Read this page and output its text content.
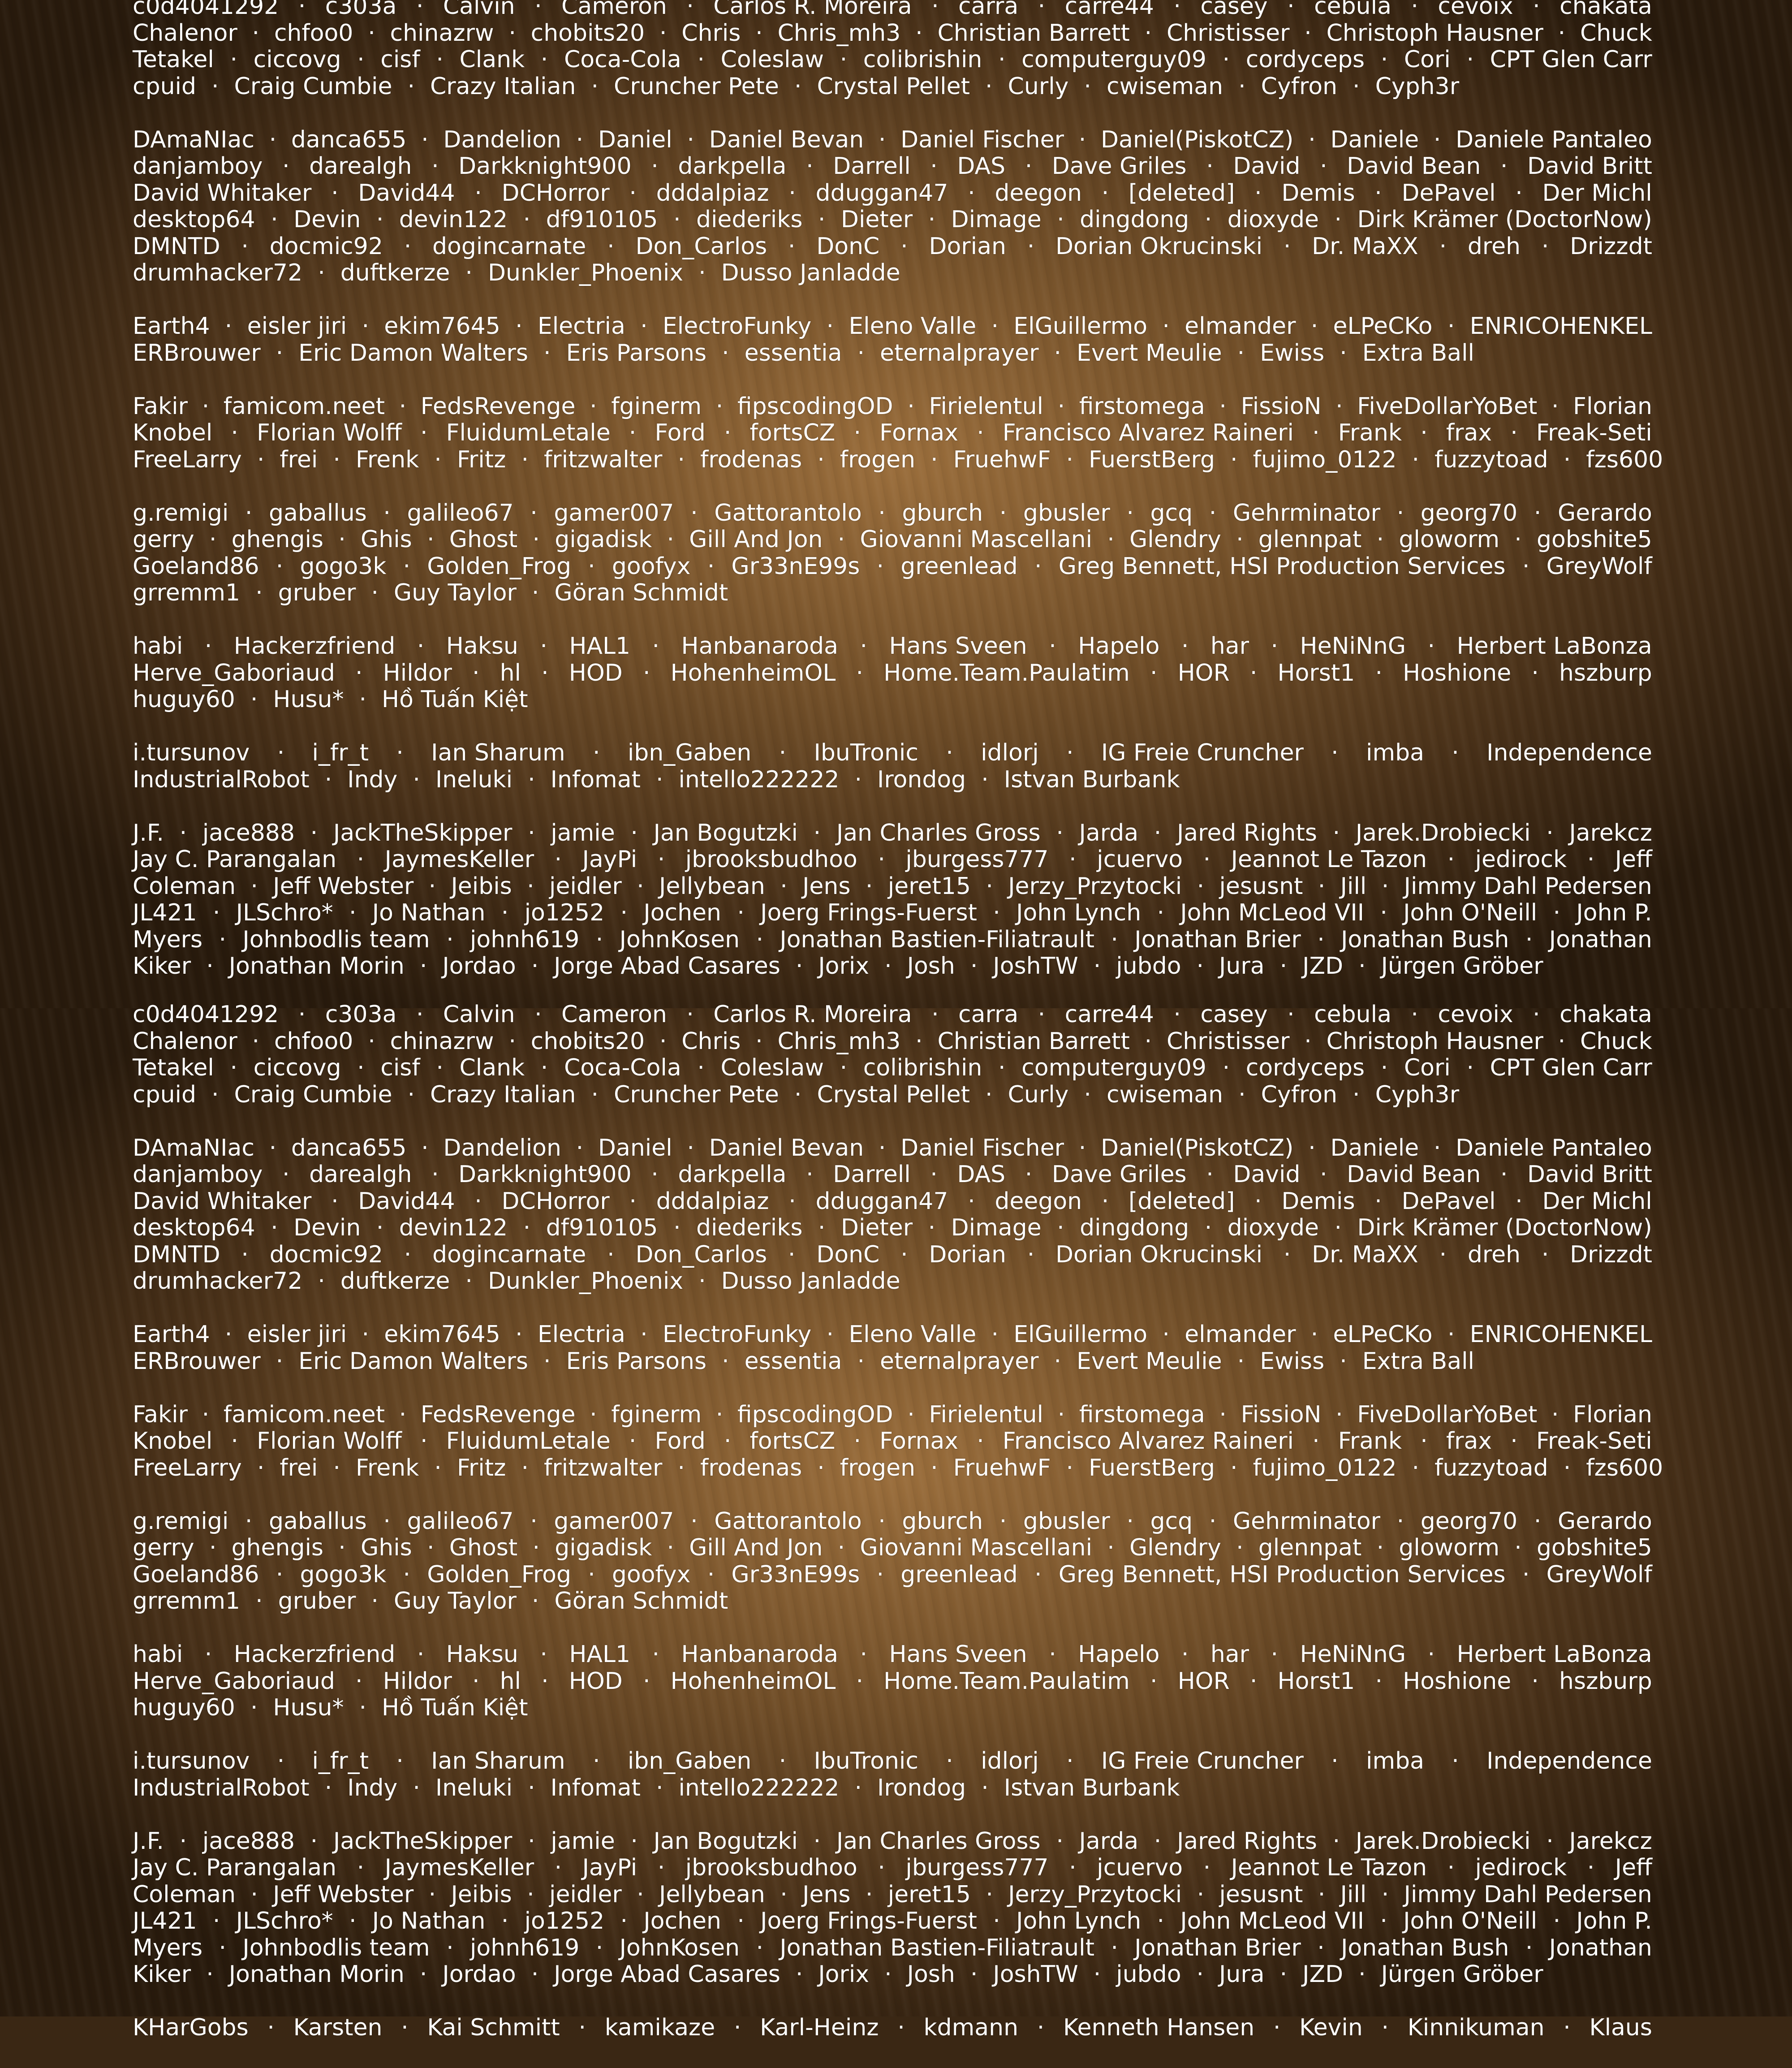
c0d4041292 · c303a · Calvin · Cameron · Carlos R. Moreira · carra · carre44 · casey · cebula · cevoix · chakata
Chalenor · chfoo0 · chinazrw · chobits20 · Chris · Chris_mh3 · Christian Barrett · Christisser · Christoph Hausner · Chuck
Tetakel · ciccovg · cisf · Clank · Coca-Cola · Coleslaw · colibrishin · computerguy09 · cordyceps · Cori · CPT Glen Carr
cpuid · Craig Cumbie · Crazy Italian · Cruncher Pete · Crystal Pellet · Curly · cwiseman · Cyfron · Cyph3r
DAmaNIac · danca655 · Dandelion · Daniel · Daniel Bevan · Daniel Fischer · Daniel(PiskotCZ) · Daniele · Daniele Pantaleo
danjamboy · darealgh · Darkknight900 · darkpella · Darrell · DAS · Dave Griles · David · David Bean · David Britt
David Whitaker · David44 · DCHorror · dddalpiaz · dduggan47 · deegon · [deleted] · Demis · DePavel · Der Michl
desktop64 · Devin · devin122 · df910105 · diederiks · Dieter · Dimage · dingdong · dioxyde · Dirk Krämer (DoctorNow)
DMNTD · docmic92 · dogincarnate · Don_Carlos · DonC · Dorian · Dorian Okrucinski · Dr. MaXX · dreh · Drizzdt
drumhacker72 · duftkerze · Dunkler_Phoenix · Dusso Janladde
Earth4 · eisler jiri · ekim7645 · Electria · ElectroFunky · Eleno Valle · ElGuillermo · elmander · eLPeCKo · ENRICOHENKEL
ERBrouwer · Eric Damon Walters · Eris Parsons · essentia · eternalprayer · Evert Meulie · Ewiss · Extra Ball
Fakir · famicom.neet · FedsRevenge · fginerm · fipscodingOD · Firielentul · firstomega · FissioN · FiveDollarYoBet · Florian
Knobel · Florian Wolff · FluidumLetale · Ford · fortsCZ · Fornax · Francisco Alvarez Raineri · Frank · frax · Freak-Seti
FreeLarry · frei · Frenk · Fritz · fritzwalter · frodenas · frogen · FruehwF · FuerstBerg · fujimo_0122 · fuzzytoad · fzs600
g.remigi · gaballus · galileo67 · gamer007 · Gattorantolo · gburch · gbusler · gcq · Gehrminator · georg70 · Gerardo
gerry · ghengis · Ghis · Ghost · gigadisk · Gill And Jon · Giovanni Mascellani · Glendry · glennpat · gloworm · gobshite5
Goeland86 · gogo3k · Golden_Frog · goofyx · Gr33nE99s · greenlead · Greg Bennett, HSI Production Services · GreyWolf
grremm1 · gruber · Guy Taylor · Göran Schmidt
habi · Hackerzfriend · Haksu · HAL1 · Hanbanaroda · Hans Sveen · Hapelo · har · HeNiNnG · Herbert LaBonza
Herve_Gaboriaud · Hildor · hl · HOD · HohenheimOL · Home.Team.Paulatim · HOR · Horst1 · Hoshione · hszburp
huguy60 · Husu* · Hồ Tuấn Kiệt
i.tursunov · i_fr_t · Ian Sharum · ibn_Gaben · IbuTronic · idlorj · IG Freie Cruncher · imba · Independence
IndustrialRobot · Indy · Ineluki · Infomat · intello222222 · Irondog · Istvan Burbank
J.F. · jace888 · JackTheSkipper · jamie · Jan Bogutzki · Jan Charles Gross · Jarda · Jared Rights · Jarek.Drobiecki · Jarekcz
Jay C. Parangalan · JaymesKeller · JayPi · jbrooksbudhoo · jburgess777 · jcuervo · Jeannot Le Tazon · jedirock · Jeff
Coleman · Jeff Webster · Jeibis · jeidler · Jellybean · Jens · jeret15 · Jerzy_Przytocki · jesusnt · Jill · Jimmy Dahl Pedersen
JL421 · JLSchro* · Jo Nathan · jo1252 · Jochen · Joerg Frings-Fuerst · John Lynch · John McLeod VII · John O'Neill · John P.
Myers · Johnbodlis team · johnh619 · JohnKosen · Jonathan Bastien-Filiatrault · Jonathan Brier · Jonathan Bush · Jonathan
Kiker · Jonathan Morin · Jordao · Jorge Abad Casares · Jorix · Josh · JoshTW · jubdo · Jura · JZD · Jürgen Gröber
c0d4041292 · c303a · Calvin · Cameron · Carlos R. Moreira · carra · carre44 · casey · cebula · cevoix · chakata
Chalenor · chfoo0 · chinazrw · chobits20 · Chris · Chris_mh3 · Christian Barrett · Christisser · Christoph Hausner · Chuck
Tetakel · ciccovg · cisf · Clank · Coca-Cola · Coleslaw · colibrishin · computerguy09 · cordyceps · Cori · CPT Glen Carr
cpuid · Craig Cumbie · Crazy Italian · Cruncher Pete · Crystal Pellet · Curly · cwiseman · Cyfron · Cyph3r
DAmaNIac · danca655 · Dandelion · Daniel · Daniel Bevan · Daniel Fischer · Daniel(PiskotCZ) · Daniele · Daniele Pantaleo
danjamboy · darealgh · Darkknight900 · darkpella · Darrell · DAS · Dave Griles · David · David Bean · David Britt
David Whitaker · David44 · DCHorror · dddalpiaz · dduggan47 · deegon · [deleted] · Demis · DePavel · Der Michl
desktop64 · Devin · devin122 · df910105 · diederiks · Dieter · Dimage · dingdong · dioxyde · Dirk Krämer (DoctorNow)
DMNTD · docmic92 · dogincarnate · Don_Carlos · DonC · Dorian · Dorian Okrucinski · Dr. MaXX · dreh · Drizzdt
drumhacker72 · duftkerze · Dunkler_Phoenix · Dusso Janladde
Earth4 · eisler jiri · ekim7645 · Electria · ElectroFunky · Eleno Valle · ElGuillermo · elmander · eLPeCKo · ENRICOHENKEL
ERBrouwer · Eric Damon Walters · Eris Parsons · essentia · eternalprayer · Evert Meulie · Ewiss · Extra Ball
Fakir · famicom.neet · FedsRevenge · fginerm · fipscodingOD · Firielentul · firstomega · FissioN · FiveDollarYoBet · Florian
Knobel · Florian Wolff · FluidumLetale · Ford · fortsCZ · Fornax · Francisco Alvarez Raineri · Frank · frax · Freak-Seti
FreeLarry · frei · Frenk · Fritz · fritzwalter · frodenas · frogen · FruehwF · FuerstBerg · fujimo_0122 · fuzzytoad · fzs600
g.remigi · gaballus · galileo67 · gamer007 · Gattorantolo · gburch · gbusler · gcq · Gehrminator · georg70 · Gerardo
gerry · ghengis · Ghis · Ghost · gigadisk · Gill And Jon · Giovanni Mascellani · Glendry · glennpat · gloworm · gobshite5
Goeland86 · gogo3k · Golden_Frog · goofyx · Gr33nE99s · greenlead · Greg Bennett, HSI Production Services · GreyWolf
grremm1 · gruber · Guy Taylor · Göran Schmidt
habi · Hackerzfriend · Haksu · HAL1 · Hanbanaroda · Hans Sveen · Hapelo · har · HeNiNnG · Herbert LaBonza
Herve_Gaboriaud · Hildor · hl · HOD · HohenheimOL · Home.Team.Paulatim · HOR · Horst1 · Hoshione · hszburp
huguy60 · Husu* · Hồ Tuấn Kiệt
i.tursunov · i_fr_t · Ian Sharum · ibn_Gaben · IbuTronic · idlorj · IG Freie Cruncher · imba · Independence
IndustrialRobot · Indy · Ineluki · Infomat · intello222222 · Irondog · Istvan Burbank
J.F. · jace888 · JackTheSkipper · jamie · Jan Bogutzki · Jan Charles Gross · Jarda · Jared Rights · Jarek.Drobiecki · Jarekcz
Jay C. Parangalan · JaymesKeller · JayPi · jbrooksbudhoo · jburgess777 · jcuervo · Jeannot Le Tazon · jedirock · Jeff
Coleman · Jeff Webster · Jeibis · jeidler · Jellybean · Jens · jeret15 · Jerzy_Przytocki · jesusnt · Jill · Jimmy Dahl Pedersen
JL421 · JLSchro* · Jo Nathan · jo1252 · Jochen · Joerg Frings-Fuerst · John Lynch · John McLeod VII · John O'Neill · John P.
Myers · Johnbodlis team · johnh619 · JohnKosen · Jonathan Bastien-Filiatrault · Jonathan Brier · Jonathan Bush · Jonathan
Kiker · Jonathan Morin · Jordao · Jorge Abad Casares · Jorix · Josh · JoshTW · jubdo · Jura · JZD · Jürgen Gröber
KHarGobs · Karsten · Kai Schmitt · kamikaze · Karl-Heinz · kdmann · Kenneth Hansen · Kevin · Kinnikuman · Klaus
